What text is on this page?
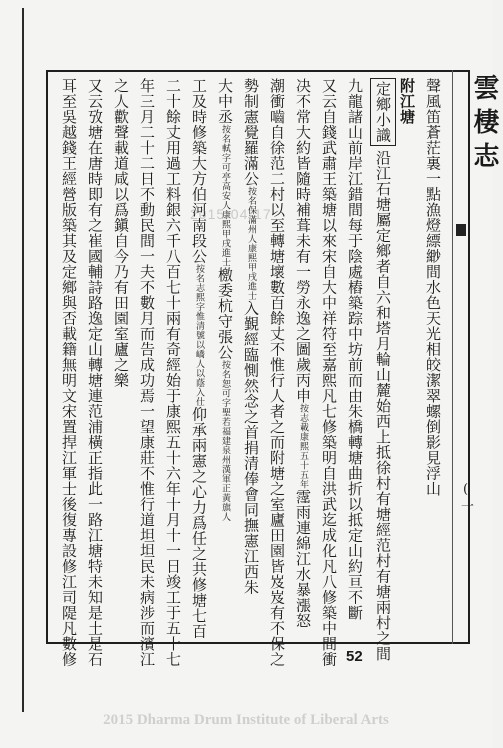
雲棲志
(一
聲風笛蒼茫裏一點漁燈縹緲間水色天光相皎潔翠螺倒影見浮山
附江塘
定鄉小識沿江石塘屬定鄉者自六和塔月輪山麓始西上抵徐村有塘經范村有塘兩村之間
九龍諸山前岸江錯間每于陰處樁築踪中坊前而由朱橋轉塘曲折以抵定山約亘不斷
又云自錢武肅王築塘以來宋自大中祥符至嘉熙凡七修築明自洪武迄成化凡八修築中間衝
决不常大約皆隨時補葺未有一勞永逸之圖歲丙申按志載康熙五十五年霪雨連綿江水暴漲怒
潮衝嚙自徐范二村以至轉塘壞數百餘丈不惟行人者之而附塘之室廬田園皆岌岌有不保之
勢制憲覺羅滿公按名保滿州人康熙甲戌進士入覲經臨惻然念之首捐清俸會同撫憲江西朱
大中丞按名軾字可亭高安人康熙甲戌進士檄委杭守張公按名恕可字聖若福建泉州漢軍正黃旗人
工及時修築大方伯河南段公按名志熙字惟清號以嶠人以蔭入仕仰承兩憲之心力爲任之共修塘七百
二十餘丈用過工料銀六千八百七十兩有奇經始于康熙五十六年十月十一日竣工于五十七
年三月二十二日不動民間一夫不數月而告成功焉一望康莊不惟行道坦坦民未病涉而濱江
之人歡聲載道咸以爲鎭自今乃有田園室廬之樂
又云攷塘在唐時即有之崔國輔詩路逸定山轉塘連范浦橫正指此一路江塘特未知是土是石
耳至吳越錢王經營版築其及定鄉與否載籍無明文宋置捍江軍士後復專設修江司隄凡數修	2015-04-17
52
2015 Dharma Drum Institute of Liberal Arts
